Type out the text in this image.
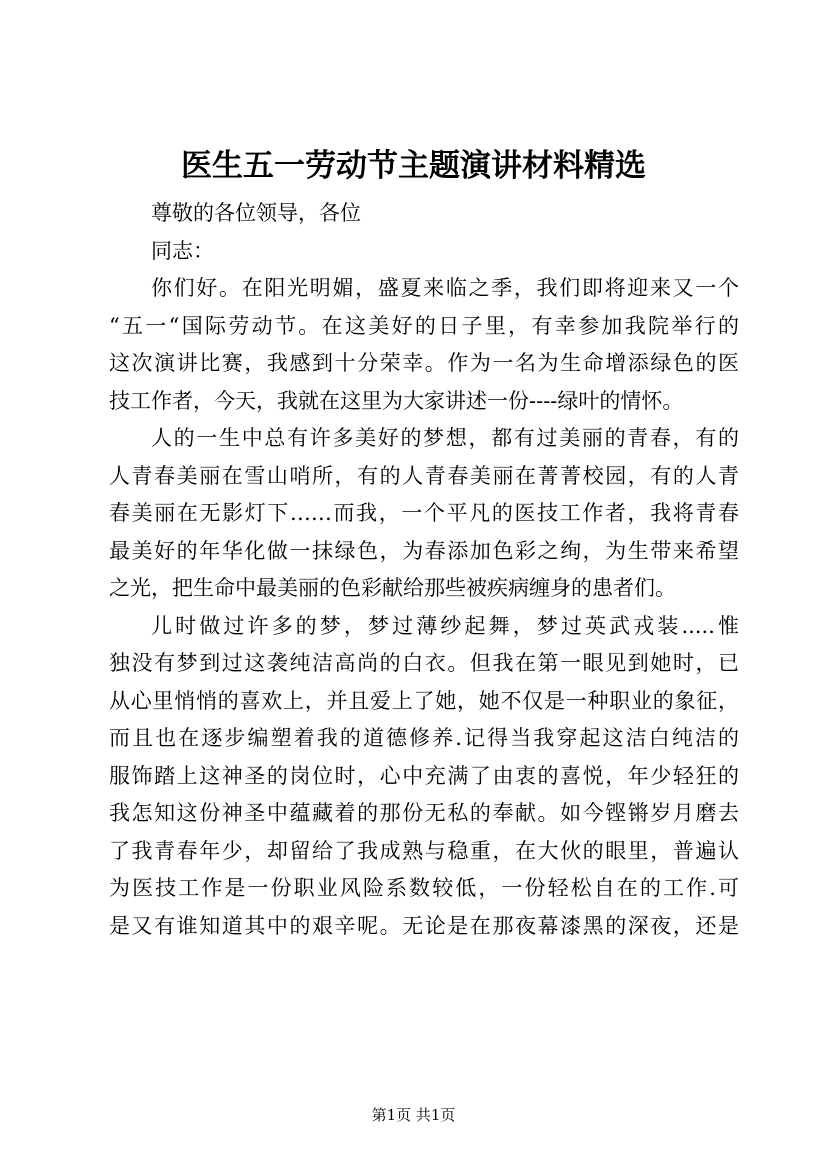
医生五一劳动节主题演讲材料精选
尊敬的各位领导，各位
同志：
你们好。在阳光明媚，盛夏来临之季，我们即将迎来又一个
“五一“国际劳动节。在这美好的日子里，有幸参加我院举行的
这次演讲比赛，我感到十分荣幸。作为一名为生命增添绿色的医
技工作者，今天，我就在这里为大家讲述一份----绿叶的情怀。
人的一生中总有许多美好的梦想，都有过美丽的青春，有的
人青春美丽在雪山哨所，有的人青春美丽在菁菁校园，有的人青
春美丽在无影灯下……而我，一个平凡的医技工作者，我将青春
最美好的年华化做一抹绿色，为春添加色彩之绚，为生带来希望
之光，把生命中最美丽的色彩献给那些被疾病缠身的患者们。
儿时做过许多的梦，梦过薄纱起舞，梦过英武戎装.....惟
独没有梦到过这袭纯洁高尚的白衣。但我在第一眼见到她时，已
从心里悄悄的喜欢上，并且爱上了她，她不仅是一种职业的象征，
而且也在逐步编塑着我的道德修养.记得当我穿起这洁白纯洁的
服饰踏上这神圣的岗位时，心中充满了由衷的喜悦，年少轻狂的
我怎知这份神圣中蕴藏着的那份无私的奉献。如今铿锵岁月磨去
了我青春年少，却留给了我成熟与稳重，在大伙的眼里，普遍认
为医技工作是一份职业风险系数较低，一份轻松自在的工作.可
是又有谁知道其中的艰辛呢。无论是在那夜幕漆黑的深夜，还是
第1页 共1页
